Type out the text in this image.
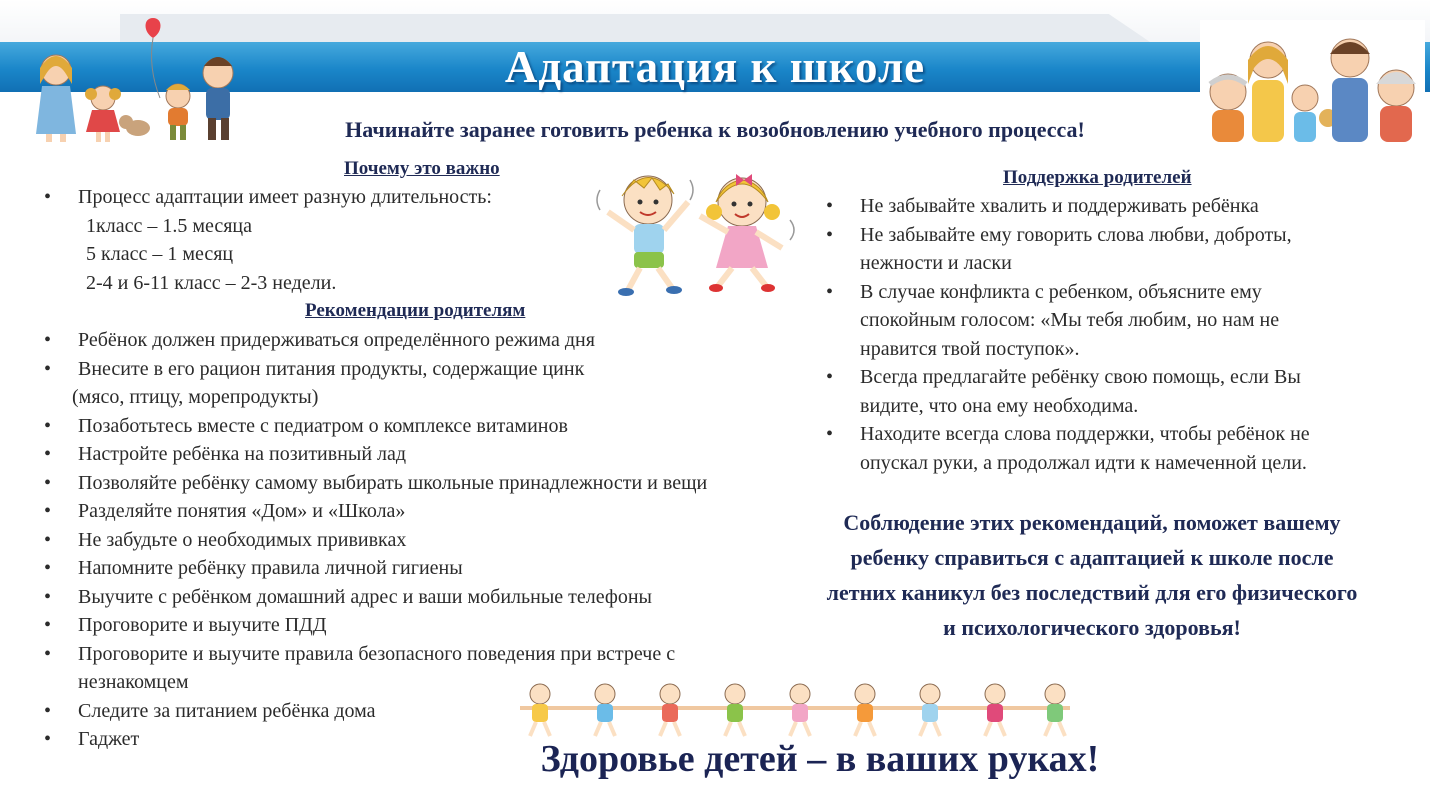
Адаптация к школе
Начинайте заранее готовить ребенка к возобновлению учебного процесса!
Почему это важно
• Процесс адаптации имеет разную длительность:
1класс – 1.5 месяца
5 класс – 1 месяц
2-4 и 6-11 класс – 2-3 недели.
Рекомендации родителям
• Ребёнок должен придерживаться определённого режима дня
• Внесите в его рацион питания продукты, содержащие цинк
(мясо, птицу, морепродукты)
• Позаботьтесь вместе с педиатром о комплексе витаминов
• Настройте ребёнка на позитивный лад
• Позволяйте ребёнку самому выбирать школьные принадлежности и вещи
• Разделяйте понятия «Дом» и «Школа»
• Не забудьте о необходимых прививках
• Напомните ребёнку правила личной гигиены
• Выучите с ребёнком домашний адрес и ваши мобильные телефоны
• Проговорите и выучите ПДД
• Проговорите и выучите правила безопасного поведения при встрече с
незнакомцем
• Следите за питанием ребёнка дома
• Гаджет
Поддержка родителей
• Не забывайте хвалить и поддерживать ребёнка
• Не забывайте ему говорить слова любви, доброты,
нежности и ласки
• В случае конфликта с ребенком, объясните ему
спокойным голосом: «Мы тебя любим, но нам не
нравится твой поступок».
• Всегда предлагайте ребёнку свою помощь, если Вы
видите, что она ему необходима.
• Находите всегда слова поддержки, чтобы ребёнок не
опускал руки, а продолжал идти к намеченной цели.
Соблюдение этих рекомендаций, поможет вашему
ребенку справиться с адаптацией к школе после
летних каникул без последствий для его физического
и психологического здоровья!
Здоровье детей – в ваших руках!
